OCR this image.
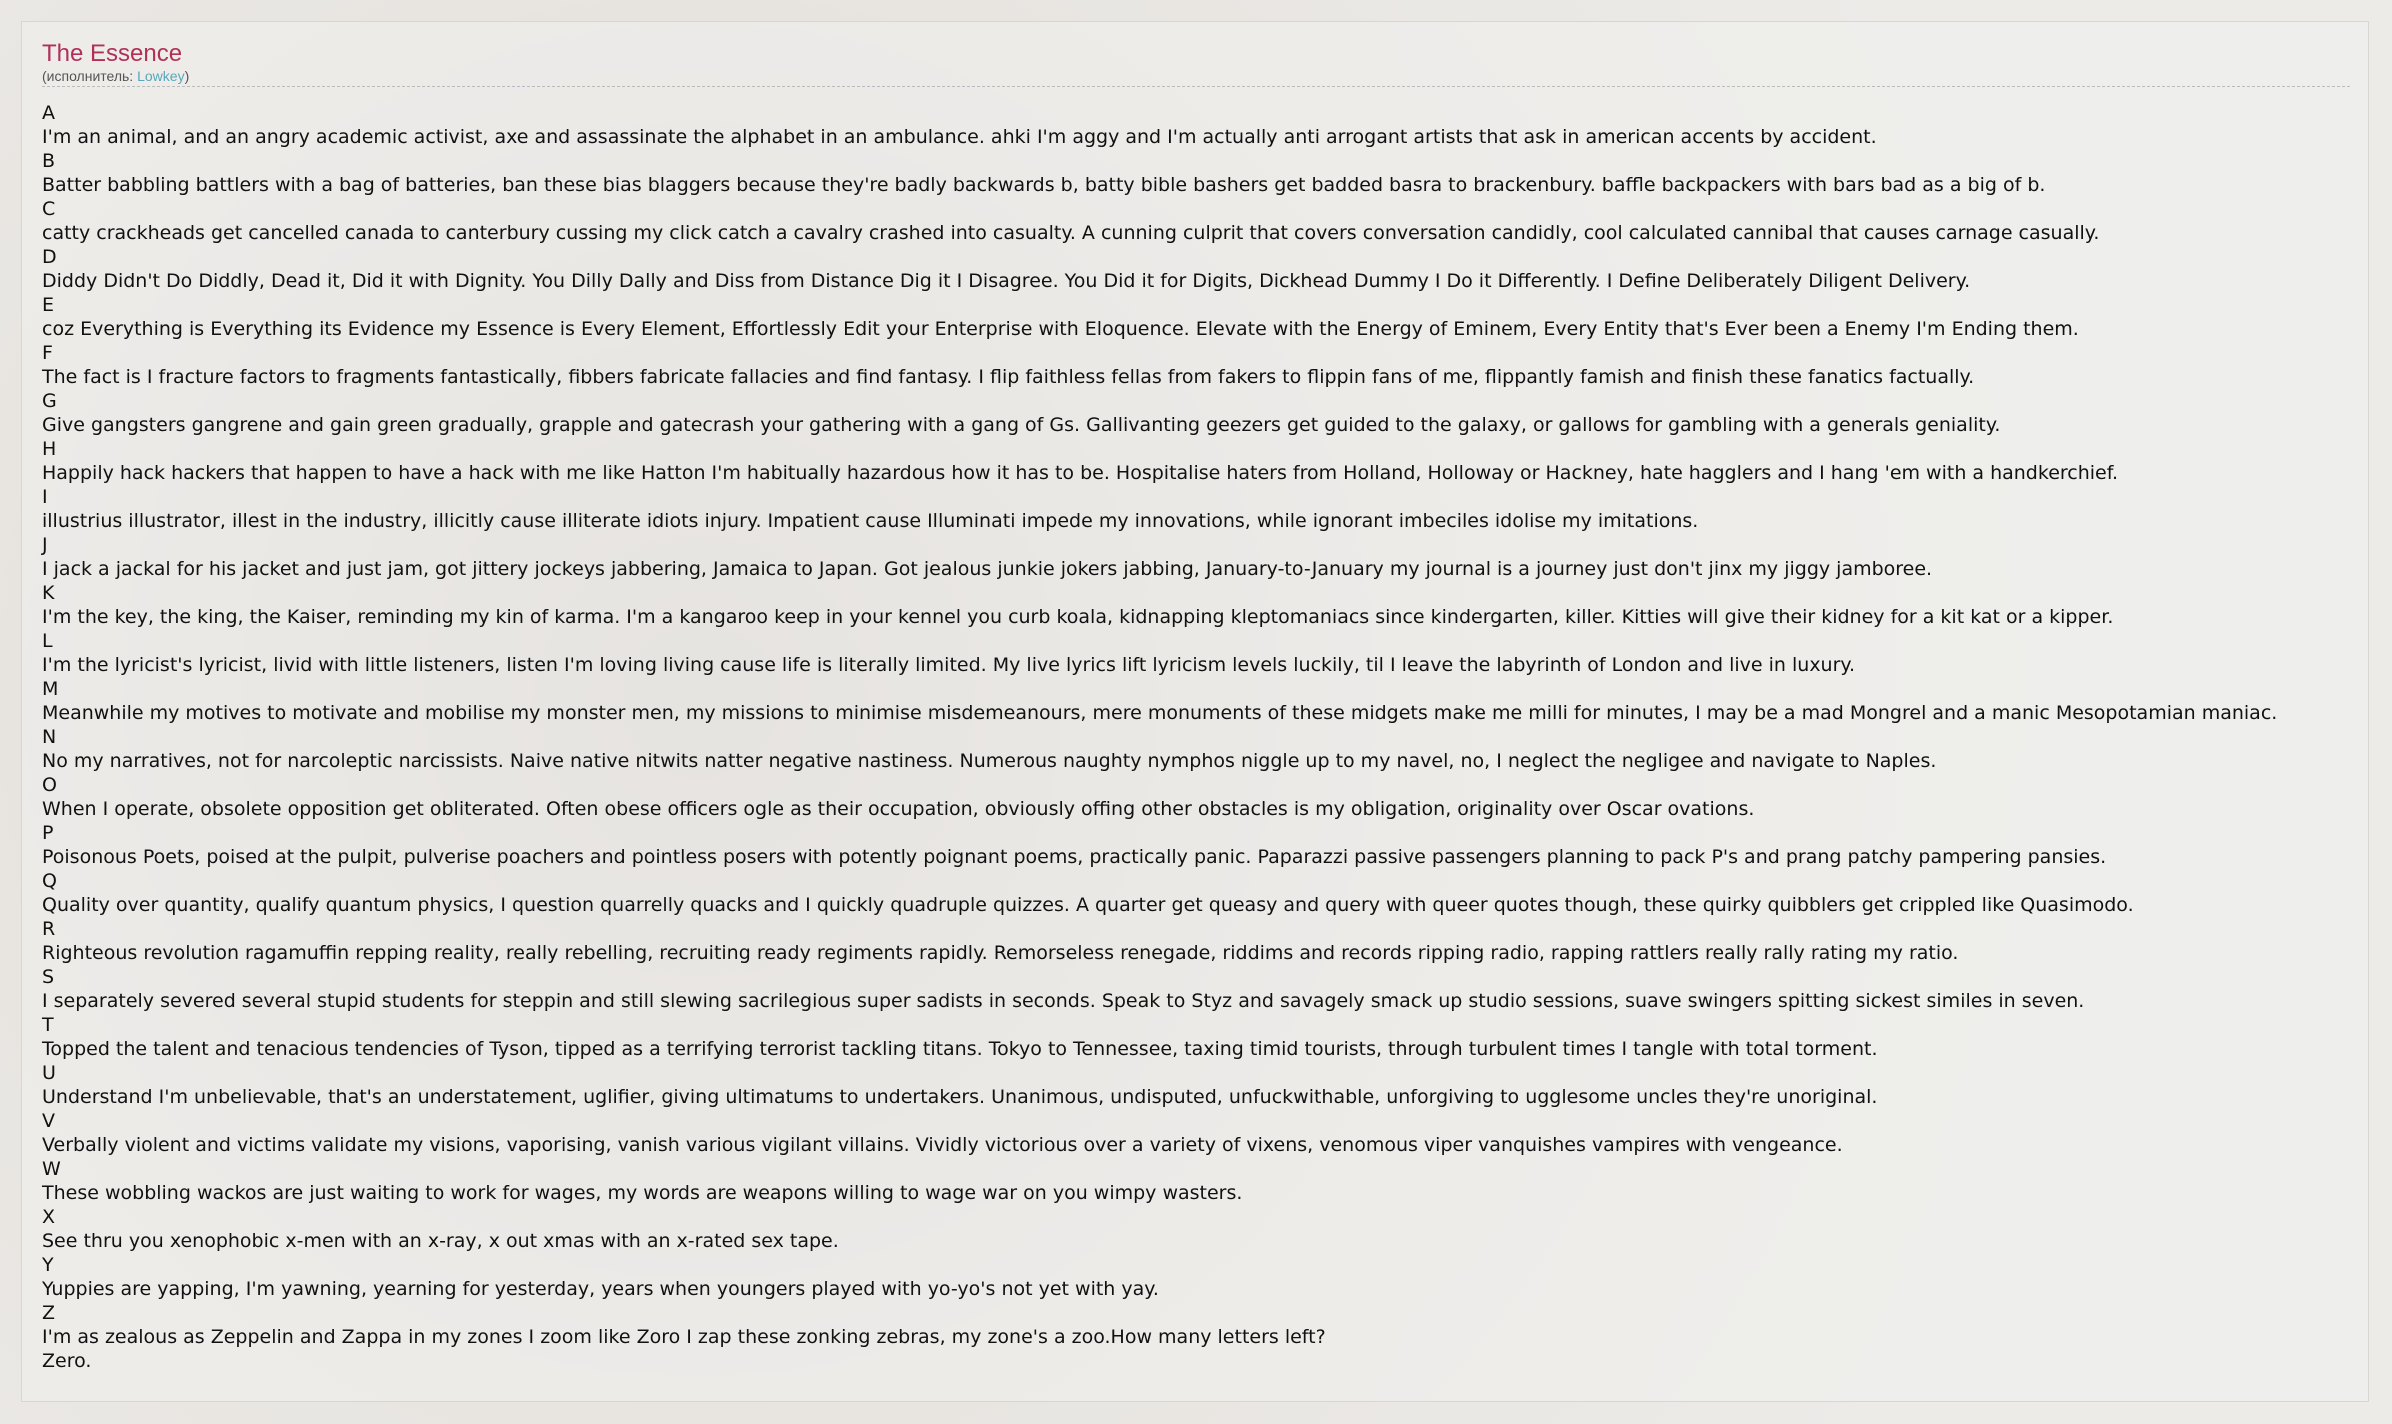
The Essence
(исполнитель: Lowkey)
A
I'm an animal, and an angry academic activist, axe and assassinate the alphabet in an ambulance. ahki I'm aggy and I'm actually anti arrogant artists that ask in american accents by accident.
B
Batter babbling battlers with a bag of batteries, ban these bias blaggers because they're badly backwards b, batty bible bashers get badded basra to brackenbury. baffle backpackers with bars bad as a big of b.
C
catty crackheads get cancelled canada to canterbury cussing my click catch a cavalry crashed into casualty. A cunning culprit that covers conversation candidly, cool calculated cannibal that causes carnage casually.
D
Diddy Didn't Do Diddly, Dead it, Did it with Dignity. You Dilly Dally and Diss from Distance Dig it I Disagree. You Did it for Digits, Dickhead Dummy I Do it Differently. I Define Deliberately Diligent Delivery.
E
coz Everything is Everything its Evidence my Essence is Every Element, Effortlessly Edit your Enterprise with Eloquence. Elevate with the Energy of Eminem, Every Entity that's Ever been a Enemy I'm Ending them.
F
The fact is I fracture factors to fragments fantastically, fibbers fabricate fallacies and find fantasy. I flip faithless fellas from fakers to flippin fans of me, flippantly famish and finish these fanatics factually.
G
Give gangsters gangrene and gain green gradually, grapple and gatecrash your gathering with a gang of Gs. Gallivanting geezers get guided to the galaxy, or gallows for gambling with a generals geniality.
H
Happily hack hackers that happen to have a hack with me like Hatton I'm habitually hazardous how it has to be. Hospitalise haters from Holland, Holloway or Hackney, hate hagglers and I hang 'em with a handkerchief.
I
illustrius illustrator, illest in the industry, illicitly cause illiterate idiots injury. Impatient cause Illuminati impede my innovations, while ignorant imbeciles idolise my imitations.
J
I jack a jackal for his jacket and just jam, got jittery jockeys jabbering, Jamaica to Japan. Got jealous junkie jokers jabbing, January-to-January my journal is a journey just don't jinx my jiggy jamboree.
K
I'm the key, the king, the Kaiser, reminding my kin of karma. I'm a kangaroo keep in your kennel you curb koala, kidnapping kleptomaniacs since kindergarten, killer. Kitties will give their kidney for a kit kat or a kipper.
L
I'm the lyricist's lyricist, livid with little listeners, listen I'm loving living cause life is literally limited. My live lyrics lift lyricism levels luckily, til I leave the labyrinth of London and live in luxury.
M
Meanwhile my motives to motivate and mobilise my monster men, my missions to minimise misdemeanours, mere monuments of these midgets make me milli for minutes, I may be a mad Mongrel and a manic Mesopotamian maniac.
N
No my narratives, not for narcoleptic narcissists. Naive native nitwits natter negative nastiness. Numerous naughty nymphos niggle up to my navel, no, I neglect the negligee and navigate to Naples.
O
When I operate, obsolete opposition get obliterated. Often obese officers ogle as their occupation, obviously offing other obstacles is my obligation, originality over Oscar ovations.
P
Poisonous Poets, poised at the pulpit, pulverise poachers and pointless posers with potently poignant poems, practically panic. Paparazzi passive passengers planning to pack P's and prang patchy pampering pansies.
Q
Quality over quantity, qualify quantum physics, I question quarrelly quacks and I quickly quadruple quizzes. A quarter get queasy and query with queer quotes though, these quirky quibblers get crippled like Quasimodo.
R
Righteous revolution ragamuffin repping reality, really rebelling, recruiting ready regiments rapidly. Remorseless renegade, riddims and records ripping radio, rapping rattlers really rally rating my ratio.
S
I separately severed several stupid students for steppin and still slewing sacrilegious super sadists in seconds. Speak to Styz and savagely smack up studio sessions, suave swingers spitting sickest similes in seven.
T
Topped the talent and tenacious tendencies of Tyson, tipped as a terrifying terrorist tackling titans. Tokyo to Tennessee, taxing timid tourists, through turbulent times I tangle with total torment.
U
Understand I'm unbelievable, that's an understatement, uglifier, giving ultimatums to undertakers. Unanimous, undisputed, unfuckwithable, unforgiving to ugglesome uncles they're unoriginal.
V
Verbally violent and victims validate my visions, vaporising, vanish various vigilant villains. Vividly victorious over a variety of vixens, venomous viper vanquishes vampires with vengeance.
W
These wobbling wackos are just waiting to work for wages, my words are weapons willing to wage war on you wimpy wasters.
X
See thru you xenophobic x-men with an x-ray, x out xmas with an x-rated sex tape.
Y
Yuppies are yapping, I'm yawning, yearning for yesterday, years when youngers played with yo-yo's not yet with yay.
Z
I'm as zealous as Zeppelin and Zappa in my zones I zoom like Zoro I zap these zonking zebras, my zone's a zoo.How many letters left?
Zero.
